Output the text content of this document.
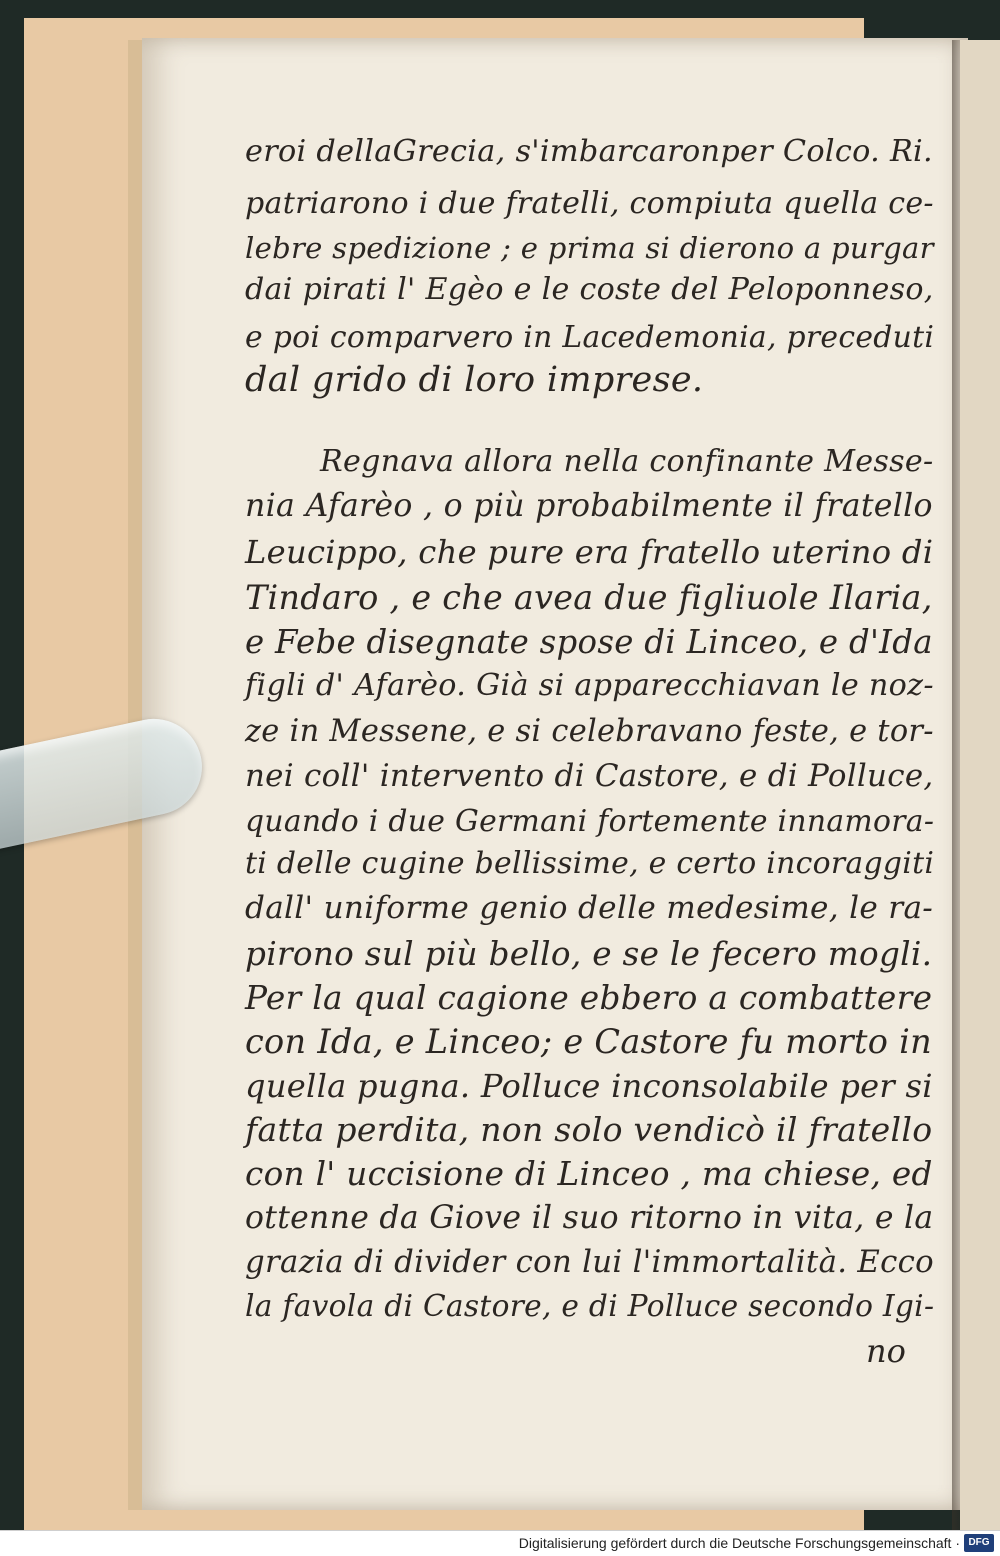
eroi dellaGrecia, s'imbarcaronper Colco. Ri.

patriarono i due fratelli, compiuta quella ce-

lebre spedizione ; e prima si dierono a purgar

dai pirati l' Egèo e le coste del Peloponneso,

e poi comparvero in Lacedemonia, preceduti

dal grido di loro imprese.

Regnava allora nella confinante Messe-

nia Afarèo , o più probabilmente il fratello

Leucippo, che pure era fratello uterino di

Tindaro , e che avea due figliuole Ilaria,

e Febe disegnate spose di Linceo, e d'Ida

figli d' Afarèo. Già si apparecchiavan le noz-

ze in Messene, e si celebravano feste, e tor-

nei coll' intervento di Castore, e di Polluce,

quando i due Germani fortemente innamora-

ti delle cugine bellissime, e certo incoraggiti

dall' uniforme genio delle medesime, le ra-

pirono sul più bello, e se le fecero mogli.

Per la qual cagione ebbero a combattere

con Ida, e Linceo; e Castore fu morto in

quella pugna. Polluce inconsolabile per si

fatta perdita, non solo vendicò il fratello

con l' uccisione di Linceo , ma chiese, ed

ottenne da Giove il suo ritorno in vita, e la

grazia di divider con lui l'immortalità. Ecco

la favola di Castore, e di Polluce secondo Igi-

no

Digitalisierung gefördert durch die Deutsche Forschungsgemeinschaft · DFG
